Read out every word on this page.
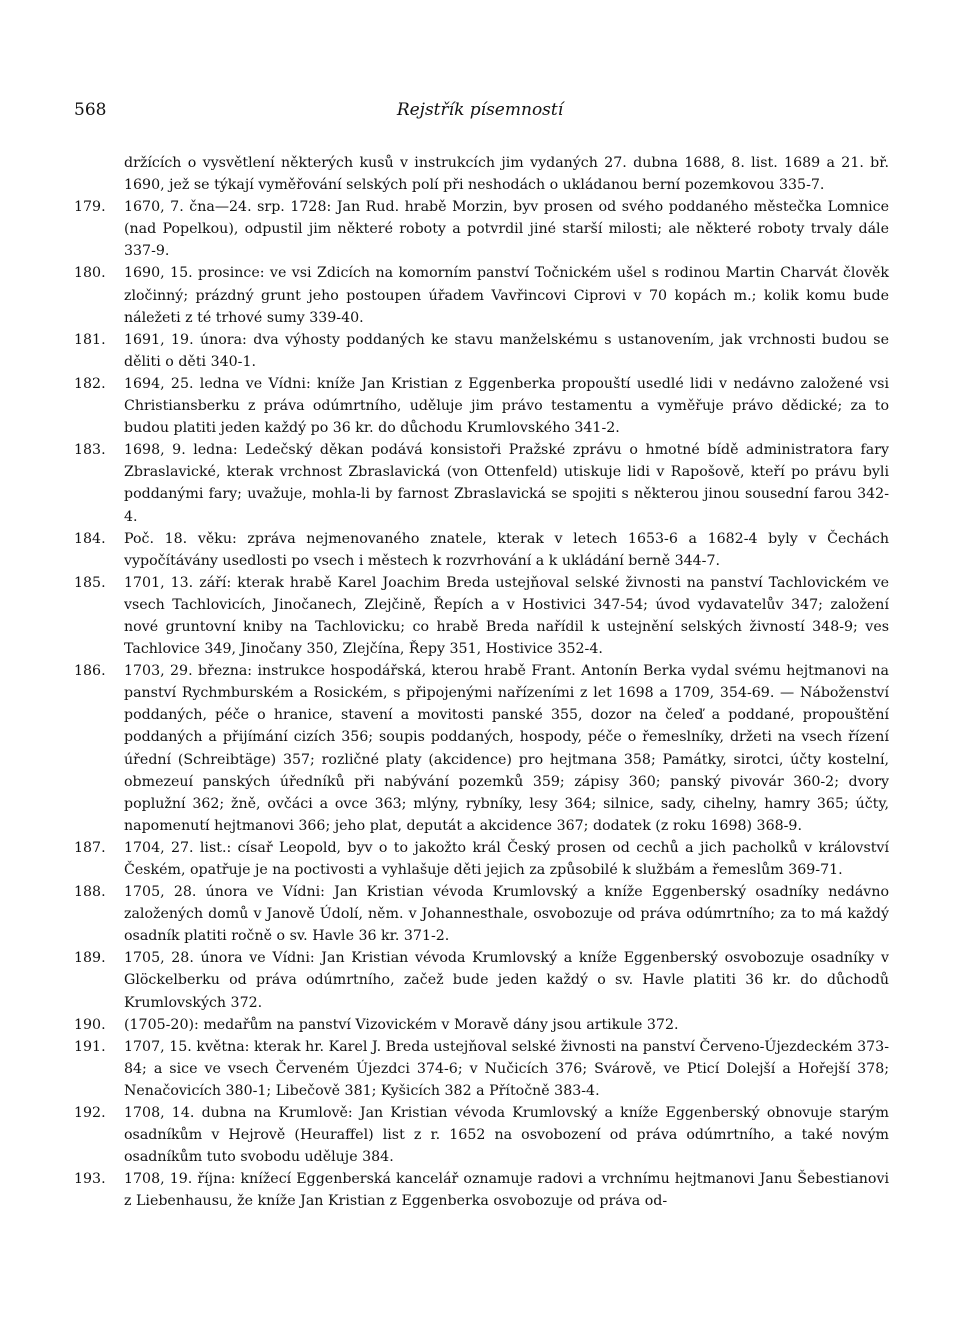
568	Rejstřík písemností

držících o vysvětlení některých kusů v instrukcích jim vydaných 27. dubna 1688, 8. list. 1689 a 21. bř. 1690, jež se týkají vyměřování selských polí při neshodách o ukládanou berní pozemkovou 335-7.

179.	1670, 7. čna—24. srp. 1728: Jan Rud. hrabě Morzin, byv prosen od svého poddaného městečka Lomnice (nad Popelkou), odpustil jim některé roboty a potvrdil jiné starší milosti; ale některé roboty trvaly dále 337-9.

180.	1690, 15. prosince: ve vsi Zdicích na komorním panství Točnickém ušel s rodinou Martin Charvát člověk zločinný; prázdný grunt jeho postoupen úřadem Vavřincovi Ciprovi v 70 kopách m.; kolik komu bude náležeti z té trhové sumy 339-40.

181.	1691, 19. února: dva výhosty poddaných ke stavu manželskému s ustanovením, jak vrchnosti budou se děliti o děti 340-1.

182.	1694, 25. ledna ve Vídni: kníže Jan Kristian z Eggenberka propouští usedlé lidi v nedávno založené vsi Christiansberku z práva odúmrtního, uděluje jim právo testamentu a vyměřuje právo dědické; za to budou platiti jeden každý po 36 kr. do důchodu Krumlovského 341-2.

183.	1698, 9. ledna: Ledečský děkan podává konsistoři Pražské zprávu o hmotné bídě administratora fary Zbraslavické, kterak vrchnost Zbraslavická (von Ottenfeld) utiskuje lidi v Rapošově, kteří po právu byli poddanými fary; uvažuje, mohla-li by farnost Zbraslavická se spojiti s některou jinou sousední farou 342-4.

184.	Poč. 18. věku: zpráva nejmenovaného znatele, kterak v letech 1653-6 a 1682-4 byly v Čechách vypočítávány usedlosti po vsech i městech k rozvrhování a k ukládání berně 344-7.

185.	1701, 13. září: kterak hrabě Karel Joachim Breda ustejňoval selské živnosti na panství Tachlovickém ve vsech Tachlovicích, Jinočanech, Zlejčině, Řepích a v Hostivici 347-54; úvod vydavatelův 347; založení nové gruntovní kniby na Tachlovicku; co hrabě Breda nařídil k ustejnění selských živností 348-9; ves Tachlovice 349, Jinočany 350, Zlejčína, Řepy 351, Hostivice 352-4.

186.	1703, 29. března: instrukce hospodářská, kterou hrabě Frant. Antonín Berka vydal svému hejtmanovi na panství Rychmburském a Rosickém, s připojenými nařízeními z let 1698 a 1709, 354-69. — Náboženství poddaných, péče o hranice, stavení a movitosti panské 355, dozor na čeleď a poddané, propouštění poddaných a přijímání cizích 356; soupis poddaných, hospody, péče o řemeslníky, držeti na vsech řízení úřední (Schreibtäge) 357; rozličné platy (akcidence) pro hejtmana 358; Památky, sirotci, účty kostelní, obmezeuí panských úředníků při nabývání pozemků 359; zápisy 360; panský pivovár 360-2; dvory poplužní 362; žně, ovčáci a ovce 363; mlýny, rybníky, lesy 364; silnice, sady, cihelny, hamry 365; účty, napomenutí hejtmanovi 366; jeho plat, deputát a akcidence 367; dodatek (z roku 1698) 368-9.

187.	1704, 27. list.: císař Leopold, byv o to jakožto král Český prosen od cechů a jich pacholků v království Českém, opatřuje je na poctivosti a vyhlašuje děti jejich za způsobilé k službám a řemeslům 369-71.

188.	1705, 28. února ve Vídni: Jan Kristian vévoda Krumlovský a kníže Eggenberský osadníky nedávno založených domů v Janově Údolí, něm. v Johannesthale, osvobozuje od práva odúmrtního; za to má každý osadník platiti ročně o sv. Havle 36 kr. 371-2.

189.	1705, 28. února ve Vídni: Jan Kristian vévoda Krumlovský a kníže Eggenberský osvobozuje osadníky v Glöckelberku od práva odúmrtního, začež bude jeden každý o sv. Havle platiti 36 kr. do důchodů Krumlovských 372.

190.	(1705-20): medařům na panství Vizovickém v Moravě dány jsou artikule 372.

191.	1707, 15. května: kterak hr. Karel J. Breda ustejňoval selské živnosti na panství Červeno-Újezdeckém 373-84; a sice ve vsech Červeném Újezdci 374-6; v Nučicích 376; Svárově, ve Pticí Dolejší a Hořejší 378; Nenačovicích 380-1; Libečově 381; Kyšicích 382 a Přítočně 383-4.

192.	1708, 14. dubna na Krumlově: Jan Kristian vévoda Krumlovský a kníže Eggenberský obnovuje starým osadníkům v Hejrově (Heuraffel) list z r. 1652 na osvobození od práva odúmrtního, a také novým osadníkům tuto svobodu uděluje 384.

193.	1708, 19. října: knížecí Eggenberská kancelář oznamuje radovi a vrchnímu hejtmanovi Janu Šebestianovi z Liebenhausu, že kníže Jan Kristian z Eggenberka osvobozuje od práva od-
